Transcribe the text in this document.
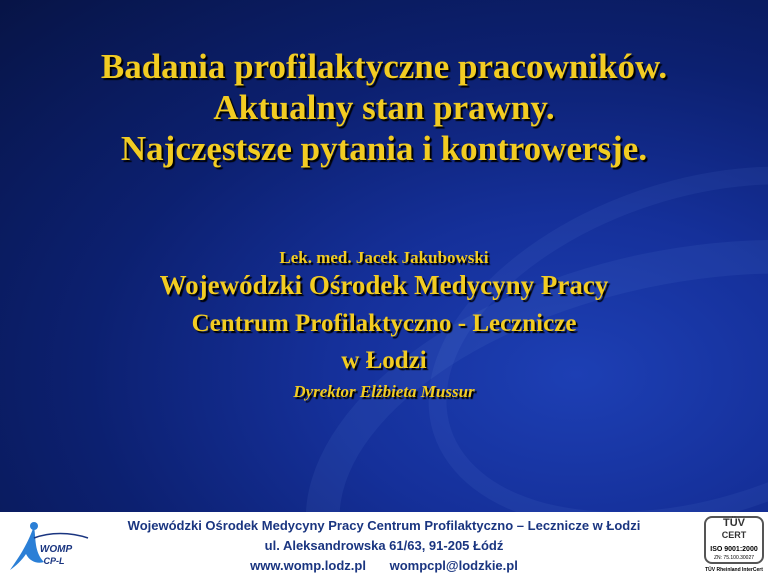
Badania profilaktyczne pracowników.
Aktualny stan prawny.
Najczęstsze pytania i kontrowersje.
Lek. med. Jacek Jakubowski
Wojewódzki Ośrodek Medycyny Pracy
Centrum Profilaktyczno - Lecznicze
w Łodzi
Dyrektor Elżbieta Mussur
WOMP
CP-L
Wojewódzki Ośrodek Medycyny Pracy Centrum Profilaktyczno – Lecznicze w Łodzi
ul. Aleksandrowska 61/63, 91-205 Łódź
www.womp.lodz.pl wompcpl@lodzkie.pl
TÜV
CERT
ISO 9001:2000
ZN: 75.100.30027
TÜV Rheinland InterCert
